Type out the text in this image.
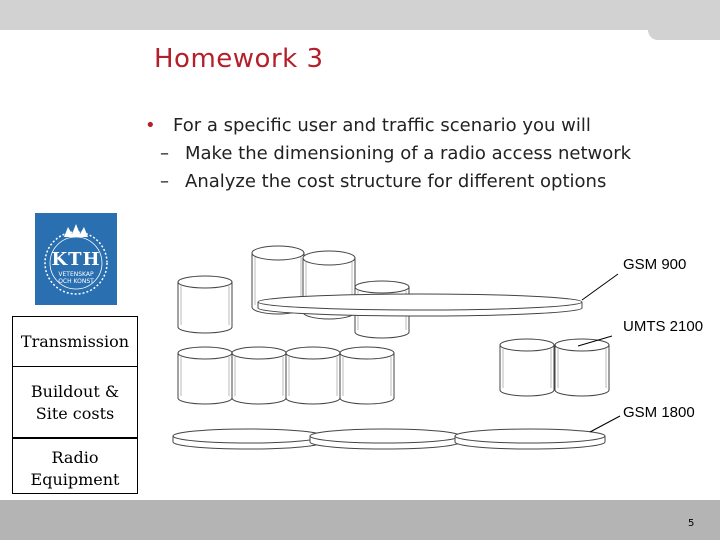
Homework 3
• For a specific user and traffic scenario you will
– Make the dimensioning of a radio access network
– Analyze the cost structure for different options
KTH
VETENSKAP
OCH KONST
GSM 900
UMTS 2100
GSM 1800
Transmission
Buildout & Site costs
Radio Equipment
5
